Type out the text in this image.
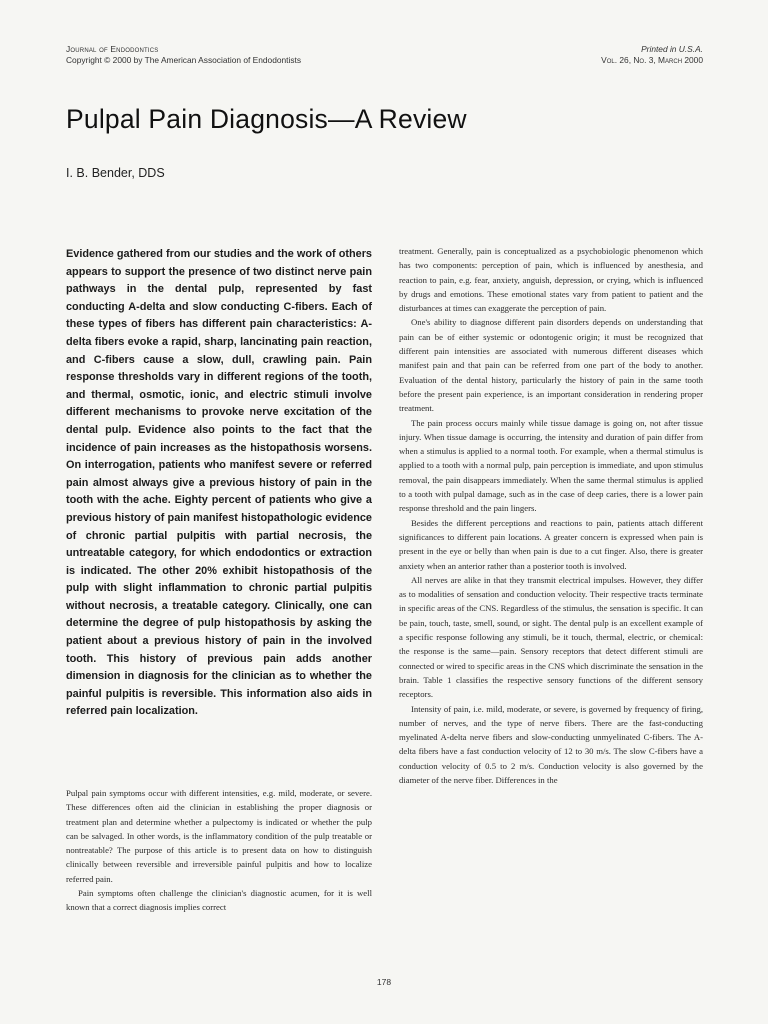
Journal of Endodontics
Copyright © 2000 by The American Association of Endodontists
Printed in U.S.A.
Vol. 26, No. 3, March 2000
Pulpal Pain Diagnosis—A Review
I. B. Bender, DDS

Evidence gathered from our studies and the work of others appears to support the presence of two distinct nerve pain pathways in the dental pulp, represented by fast conducting A-delta and slow conducting C-fibers. Each of these types of fibers has different pain characteristics: A-delta fibers evoke a rapid, sharp, lancinating pain reaction, and C-fibers cause a slow, dull, crawling pain. Pain response thresholds vary in different regions of the tooth, and thermal, osmotic, ionic, and electric stimuli involve different mechanisms to provoke nerve excitation of the dental pulp. Evidence also points to the fact that the incidence of pain increases as the histopathosis worsens. On interrogation, patients who manifest severe or referred pain almost always give a previous history of pain in the tooth with the ache. Eighty percent of patients who give a previous history of pain manifest histopathologic evidence of chronic partial pulpitis with partial necrosis, the untreatable category, for which endodontics or extraction is indicated. The other 20% exhibit histopathosis of the pulp with slight inflammation to chronic partial pulpitis without necrosis, a treatable category. Clinically, one can determine the degree of pulp histopathosis by asking the patient about a previous history of pain in the involved tooth. This history of previous pain adds another dimension in diagnosis for the clinician as to whether the painful pulpitis is reversible. This information also aids in referred pain localization.

Pulpal pain symptoms occur with different intensities, e.g. mild, moderate, or severe. These differences often aid the clinician in establishing the proper diagnosis or treatment plan and determine whether a pulpectomy is indicated or whether the pulp can be salvaged. In other words, is the inflammatory condition of the pulp treatable or nontreatable? The purpose of this article is to present data on how to distinguish clinically between reversible and irreversible painful pulpitis and how to localize referred pain.

Pain symptoms often challenge the clinician's diagnostic acumen, for it is well known that a correct diagnosis implies correct

treatment. Generally, pain is conceptualized as a psychobiologic phenomenon which has two components: perception of pain, which is influenced by anesthesia, and reaction to pain, e.g. fear, anxiety, anguish, depression, or crying, which is influenced by drugs and emotions. These emotional states vary from patient to patient and the disturbances at times can exaggerate the perception of pain.

One's ability to diagnose different pain disorders depends on understanding that pain can be of either systemic or odontogenic origin; it must be recognized that different pain intensities are associated with numerous different diseases which manifest pain and that pain can be referred from one part of the body to another. Evaluation of the dental history, particularly the history of pain in the same tooth before the present pain experience, is an important consideration in rendering proper treatment.

The pain process occurs mainly while tissue damage is going on, not after tissue injury. When tissue damage is occurring, the intensity and duration of pain differ from when a stimulus is applied to a normal tooth. For example, when a thermal stimulus is applied to a tooth with a normal pulp, pain perception is immediate, and upon stimulus removal, the pain disappears immediately. When the same thermal stimulus is applied to a tooth with pulpal damage, such as in the case of deep caries, there is a lower pain response threshold and the pain lingers.

Besides the different perceptions and reactions to pain, patients attach different significances to different pain locations. A greater concern is expressed when pain is present in the eye or belly than when pain is due to a cut finger. Also, there is greater anxiety when an anterior rather than a posterior tooth is involved.

All nerves are alike in that they transmit electrical impulses. However, they differ as to modalities of sensation and conduction velocity. Their respective tracts terminate in specific areas of the CNS. Regardless of the stimulus, the sensation is specific. It can be pain, touch, taste, smell, sound, or sight. The dental pulp is an excellent example of a specific response following any stimuli, be it touch, thermal, electric, or chemical: the response is the same—pain. Sensory receptors that detect different stimuli are connected or wired to specific areas in the CNS which discriminate the sensation in the brain. Table 1 classifies the respective sensory functions of the different sensory receptors.

Intensity of pain, i.e. mild, moderate, or severe, is governed by frequency of firing, number of nerves, and the type of nerve fibers. There are the fast-conducting myelinated A-delta nerve fibers and slow-conducting unmyelinated C-fibers. The A-delta fibers have a fast conduction velocity of 12 to 30 m/s. The slow C-fibers have a conduction velocity of 0.5 to 2 m/s. Conduction velocity is also governed by the diameter of the nerve fiber. Differences in the

178
